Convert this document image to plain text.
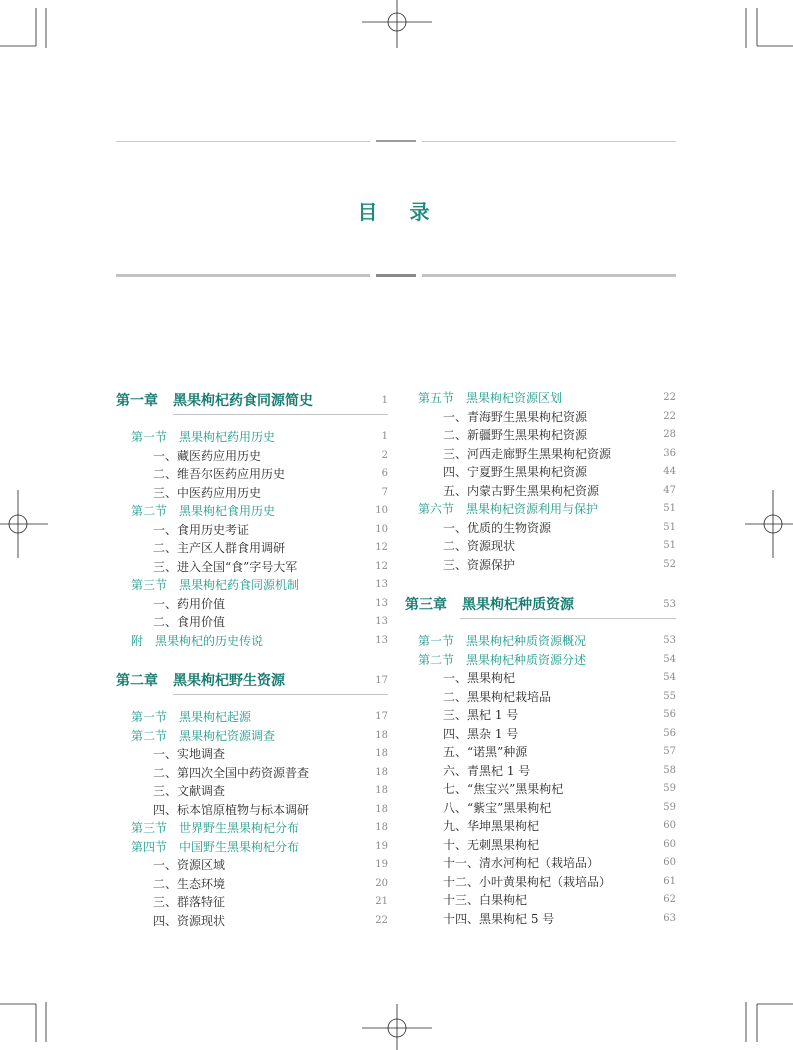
目　录
第一章 黑果枸杞药食同源简史	1
第一节 黑果枸杞药用历史	1
一、藏医药应用历史	2
二、维吾尔医药应用历史	6
三、中医药应用历史	7
第二节 黑果枸杞食用历史	10
一、食用历史考证	10
二、主产区人群食用调研	12
三、进入全国“食”字号大军	12
第三节 黑果枸杞药食同源机制	13
一、药用价值	13
二、食用价值	13
附 黑果枸杞的历史传说	13
第二章 黑果枸杞野生资源	17
第一节 黑果枸杞起源	17
第二节 黑果枸杞资源调查	18
一、实地调查	18
二、第四次全国中药资源普查	18
三、文献调查	18
四、标本馆原植物与标本调研	18
第三节 世界野生黑果枸杞分布	18
第四节 中国野生黑果枸杞分布	19
一、资源区域	19
二、生态环境	20
三、群落特征	21
四、资源现状	22
第五节 黑果枸杞资源区划	22
一、青海野生黑果枸杞资源	22
二、新疆野生黑果枸杞资源	28
三、河西走廊野生黑果枸杞资源	36
四、宁夏野生黑果枸杞资源	44
五、内蒙古野生黑果枸杞资源	47
第六节 黑果枸杞资源利用与保护	51
一、优质的生物资源	51
二、资源现状	51
三、资源保护	52
第三章 黑果枸杞种质资源	53
第一节 黑果枸杞种质资源概况	53
第二节 黑果枸杞种质资源分述	54
一、黑果枸杞	54
二、黑果枸杞栽培品	55
三、黑杞 1 号	56
四、黑杂 1 号	56
五、“诺黑”种源	57
六、青黑杞 1 号	58
七、“焦宝兴”黑果枸杞	59
八、“紫宝”黑果枸杞	59
九、华坤黑果枸杞	60
十、无刺黑果枸杞	60
十一、清水河枸杞（栽培品）	60
十二、小叶黄果枸杞（栽培品）	61
十三、白果枸杞	62
十四、黑果枸杞 5 号	63
